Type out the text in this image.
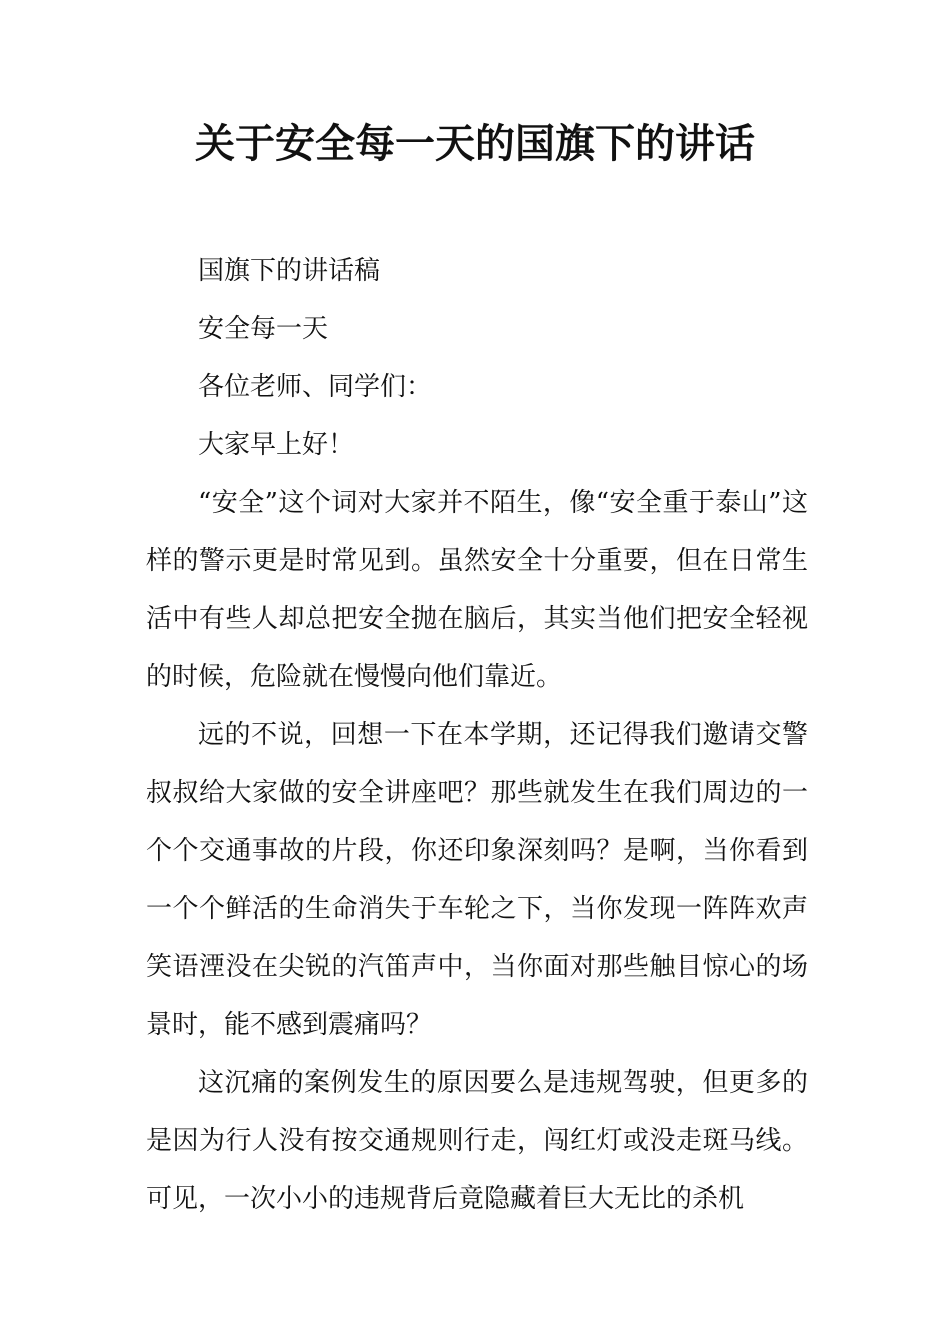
关于安全每一天的国旗下的讲话

国旗下的讲话稿

安全每一天

各位老师、同学们：

大家早上好！

“安全”这个词对大家并不陌生，像“安全重于泰山”这样的警示更是时常见到。虽然安全十分重要，但在日常生活中有些人却总把安全抛在脑后，其实当他们把安全轻视的时候，危险就在慢慢向他们靠近。

远的不说，回想一下在本学期，还记得我们邀请交警叔叔给大家做的安全讲座吧？那些就发生在我们周边的一个个交通事故的片段，你还印象深刻吗？是啊，当你看到一个个鲜活的生命消失于车轮之下，当你发现一阵阵欢声笑语湮没在尖锐的汽笛声中，当你面对那些触目惊心的场景时，能不感到震痛吗？

这沉痛的案例发生的原因要么是违规驾驶，但更多的是因为行人没有按交通规则行走，闯红灯或没走斑马线。可见，一次小小的违规背后竟隐藏着巨大无比的杀机
